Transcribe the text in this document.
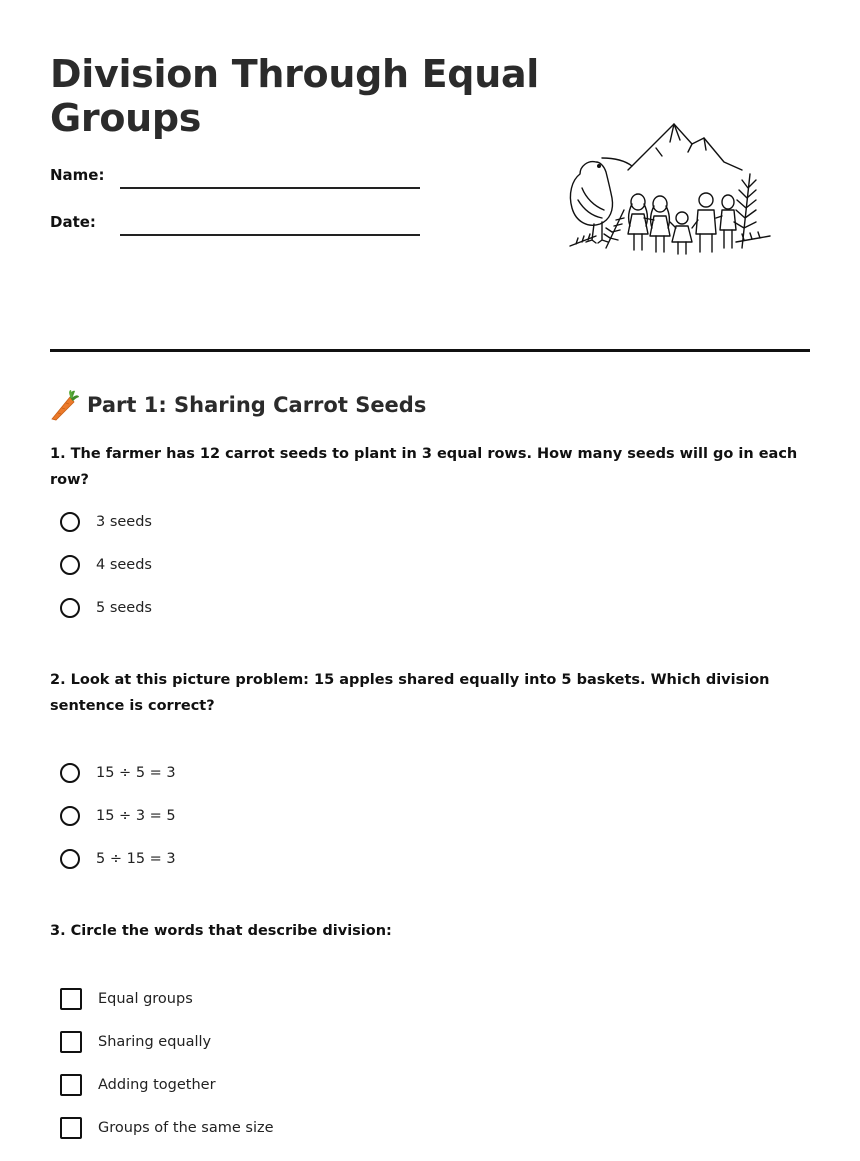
Division Through Equal Groups
Name:
Date:
Part 1: Sharing Carrot Seeds

1. The farmer has 12 carrot seeds to plant in 3 equal rows. How many seeds will go in each row?

3 seeds
4 seeds
5 seeds

2. Look at this picture problem: 15 apples shared equally into 5 baskets. Which division sentence is correct?

15 ÷ 5 = 3
15 ÷ 3 = 5
5 ÷ 15 = 3

3. Circle the words that describe division:

Equal groups
Sharing equally
Adding together
Groups of the same size
